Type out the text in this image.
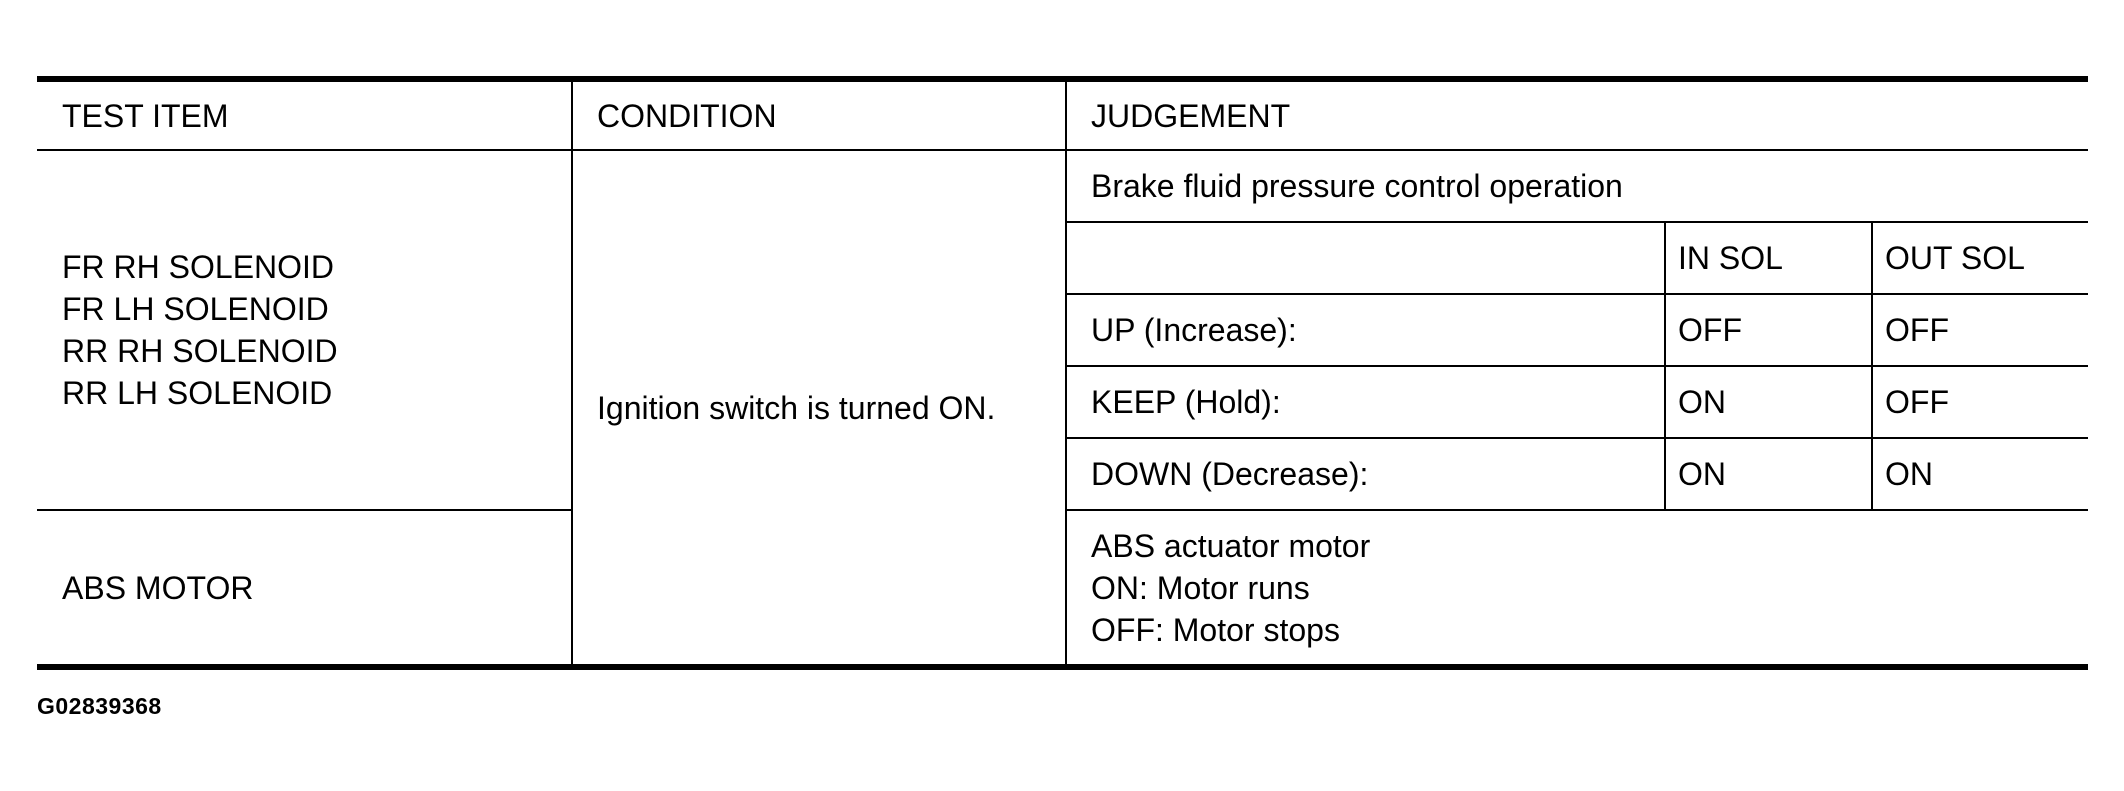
TEST ITEM	CONDITION	JUDGEMENT		

FR RH SOLENOID
FR LH SOLENOID
RR RH SOLENOID
RR LH SOLENOID	Ignition switch is turned ON.	Brake fluid pressure control operation		
			IN SOL	OUT SOL
		UP (Increase):	OFF	OFF
		KEEP (Hold):	ON	OFF
		DOWN (Decrease):	ON	ON
ABS MOTOR		ABS actuator motor
ON: Motor runs
OFF: Motor stops		
G02839368
